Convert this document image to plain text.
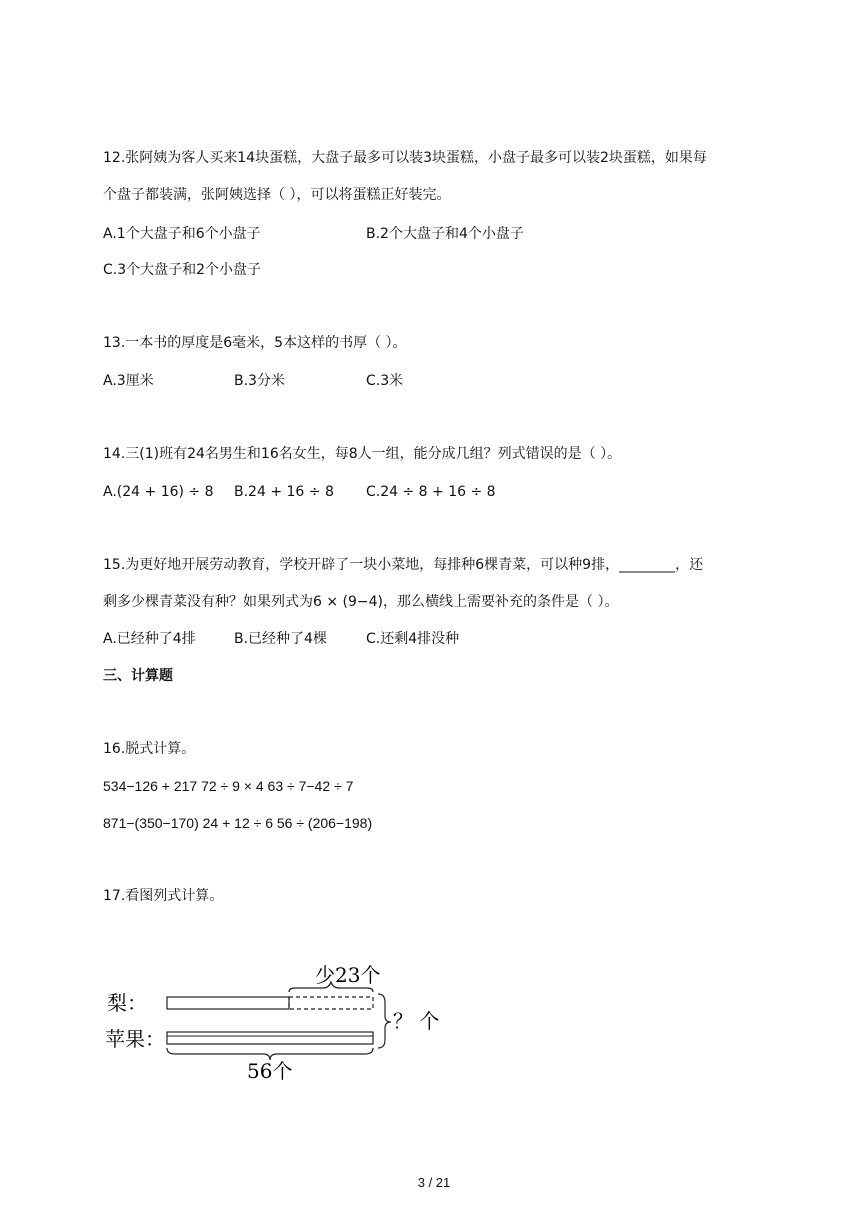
12.张阿姨为客人买来14块蛋糕，大盘子最多可以装3块蛋糕，小盘子最多可以装2块蛋糕，如果每
个盘子都装满，张阿姨选择（ ），可以将蛋糕正好装完。
A.1个大盘子和6个小盘子	B.2个大盘子和4个小盘子
C.3个大盘子和2个小盘子
13.一本书的厚度是6毫米，5本这样的书厚（ ）。
A.3厘米	B.3分米	C.3米
14.三(1)班有24名男生和16名女生，每8人一组，能分成几组？列式错误的是（ ）。
A.(24 + 16) ÷ 8 B.24 + 16 ÷ 8 C.24 ÷ 8 + 16 ÷ 8
15.为更好地开展劳动教育，学校开辟了一块小菜地，每排种6棵青菜，可以种9排，________，还
剩多少棵青菜没有种？如果列式为6 × (9−4)，那么横线上需要补充的条件是（ ）。
A.已经种了4排	B.已经种了4棵	C.还剩4排没种
三、计算题
16.脱式计算。
534−126 + 217 72 ÷ 9 × 4 63 ÷ 7−42 ÷ 7
871−(350−170) 24 + 12 ÷ 6 56 ÷ (206−198)
17.看图列式计算。
少23个
梨：
苹果：
？ 个
56个
3 / 21
